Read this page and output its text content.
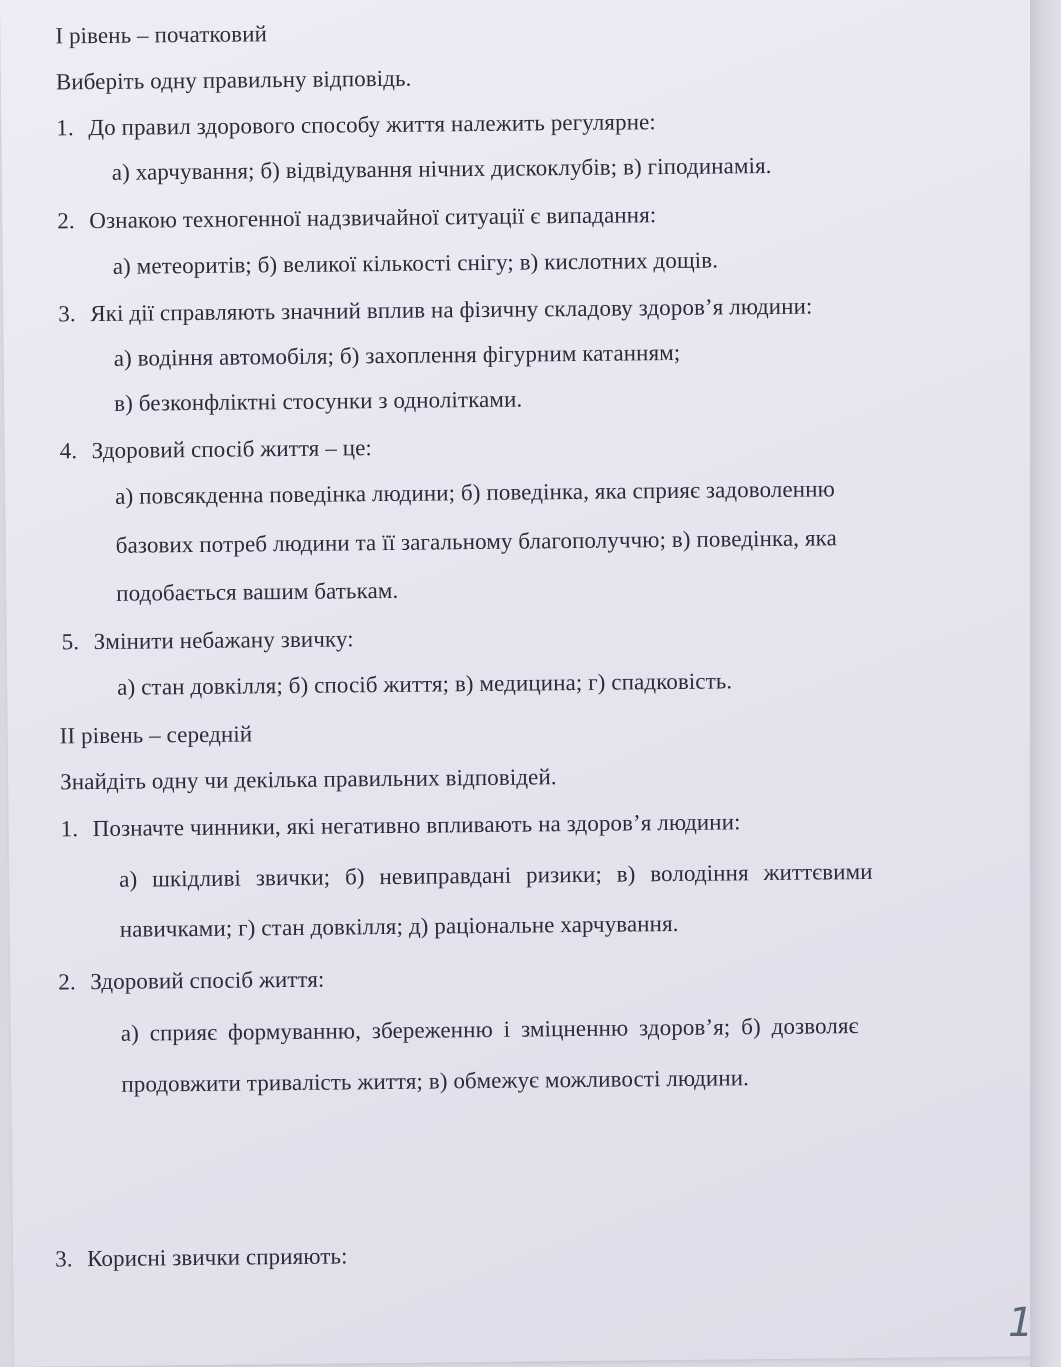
І рівень – початковий
Виберіть одну правильну відповідь.
1. До правил здорового способу життя належить регулярне:
а) харчування; б) відвідування нічних дискоклубів; в) гіподинамія.
2. Ознакою техногенної надзвичайної ситуації є випадання:
а) метеоритів; б) великої кількості снігу; в) кислотних дощів.
3. Які дії справляють значний вплив на фізичну складову здоров’я людини:
а) водіння автомобіля; б) захоплення фігурним катанням;
в) безконфліктні стосунки з однолітками.
4. Здоровий спосіб життя – це:
а) повсякденна поведінка людини; б) поведінка, яка сприяє задоволенню
базових потреб людини та її загальному благополуччю; в) поведінка, яка
подобається вашим батькам.
5. Змінити небажану звичку:
а) стан довкілля; б) спосіб життя; в) медицина; г) спадковість.
ІІ рівень – середній
Знайдіть одну чи декілька правильних відповідей.
1. Позначте чинники, які негативно впливають на здоров’я людини:
а) шкідливі звички; б) невиправдані ризики; в) володіння життєвими
навичками; г) стан довкілля; д) раціональне харчування.
2. Здоровий спосіб життя:
а) сприяє формуванню, збереженню і зміцненню здоров’я; б) дозволяє
продовжити тривалість життя; в) обмежує можливості людини.
3. Корисні звички сприяють:
1
